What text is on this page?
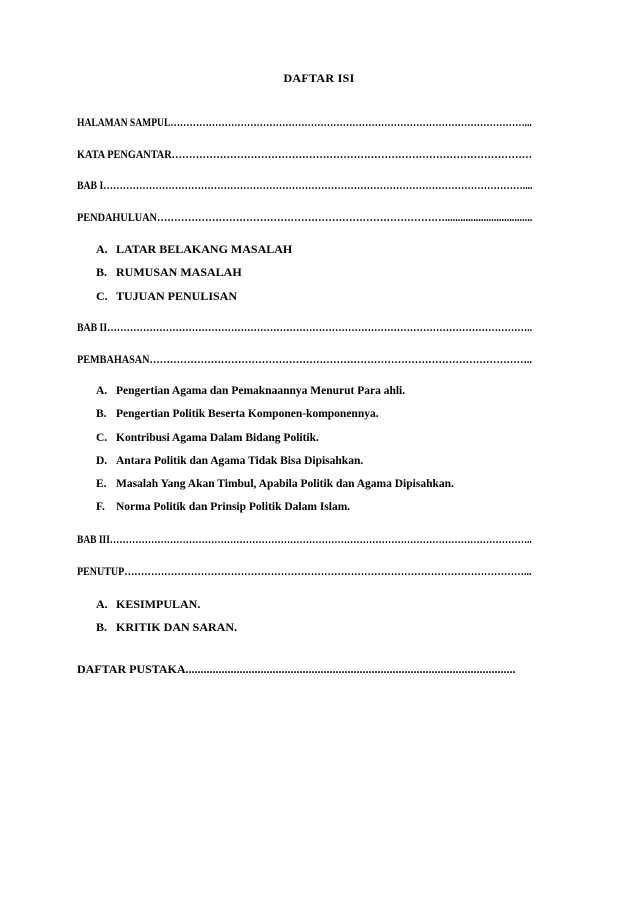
DAFTAR ISI
HALAMAN SAMPUL…………………………………………………………………………………………………...
KATA PENGANTAR……………………………………………………………………………………………
BAB I…………………………………………………………………………………………………………………....
PENDAHULUAN…………………………………………………………………………..................................
A. LATAR BELAKANG MASALAH
B. RUMUSAN MASALAH
C. TUJUAN PENULISAN
BAB II…………………………………………………………………………………………………………………..
PEMBAHASAN…………………………………………………………………………………………………..
A. Pengertian Agama dan Pemaknaannya Menurut Para ahli.
B. Pengertian Politik Beserta Komponen-komponennya.
C. Kontribusi Agama Dalam Bidang Politik.
D. Antara Politik dan Agama Tidak Bisa Dipisahkan.
E. Masalah Yang Akan Timbul, Apabila Politik dan Agama Dipisahkan.
F. Norma Politik dan Prinsip Politik Dalam Islam.
BAB III……………………………………………………………………………………………………………………..
PENUTUP…………………………………………………………………………………………………………...
A. KESIMPULAN.
B. KRITIK DAN SARAN.
DAFTAR PUSTAKA..............................................................................................................
